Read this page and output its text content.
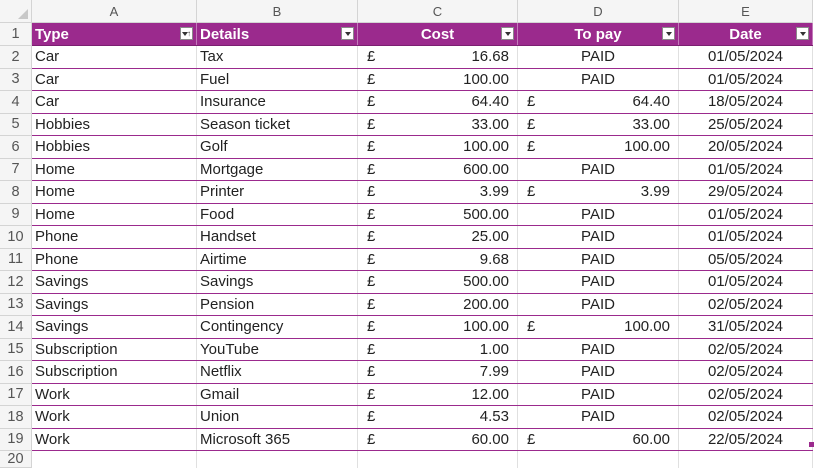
	A	B	C	D	E
1	Type ↑	Details	Cost	To pay	Date

2	Car	Tax	£ 16.68	PAID	01/05/2024
3	Car	Fuel	£ 100.00	PAID	01/05/2024
4	Car	Insurance	£ 64.40	£ 64.40	18/05/2024
5	Hobbies	Season ticket	£ 33.00	£ 33.00	25/05/2024
6	Hobbies	Golf	£ 100.00	£ 100.00	20/05/2024
7	Home	Mortgage	£ 600.00	PAID	01/05/2024
8	Home	Printer	£ 3.99	£ 3.99	29/05/2024
9	Home	Food	£ 500.00	PAID	01/05/2024
10	Phone	Handset	£ 25.00	PAID	01/05/2024
11	Phone	Airtime	£ 9.68	PAID	05/05/2024
12	Savings	Savings	£ 500.00	PAID	01/05/2024
13	Savings	Pension	£ 200.00	PAID	02/05/2024
14	Savings	Contingency	£ 100.00	£ 100.00	31/05/2024
15	Subscription	YouTube	£ 1.00	PAID	02/05/2024
16	Subscription	Netflix	£ 7.99	PAID	02/05/2024
17	Work	Gmail	£ 12.00	PAID	02/05/2024
18	Work	Union	£ 4.53	PAID	02/05/2024
19	Work	Microsoft 365	£ 60.00	£ 60.00	22/05/2024
20					
